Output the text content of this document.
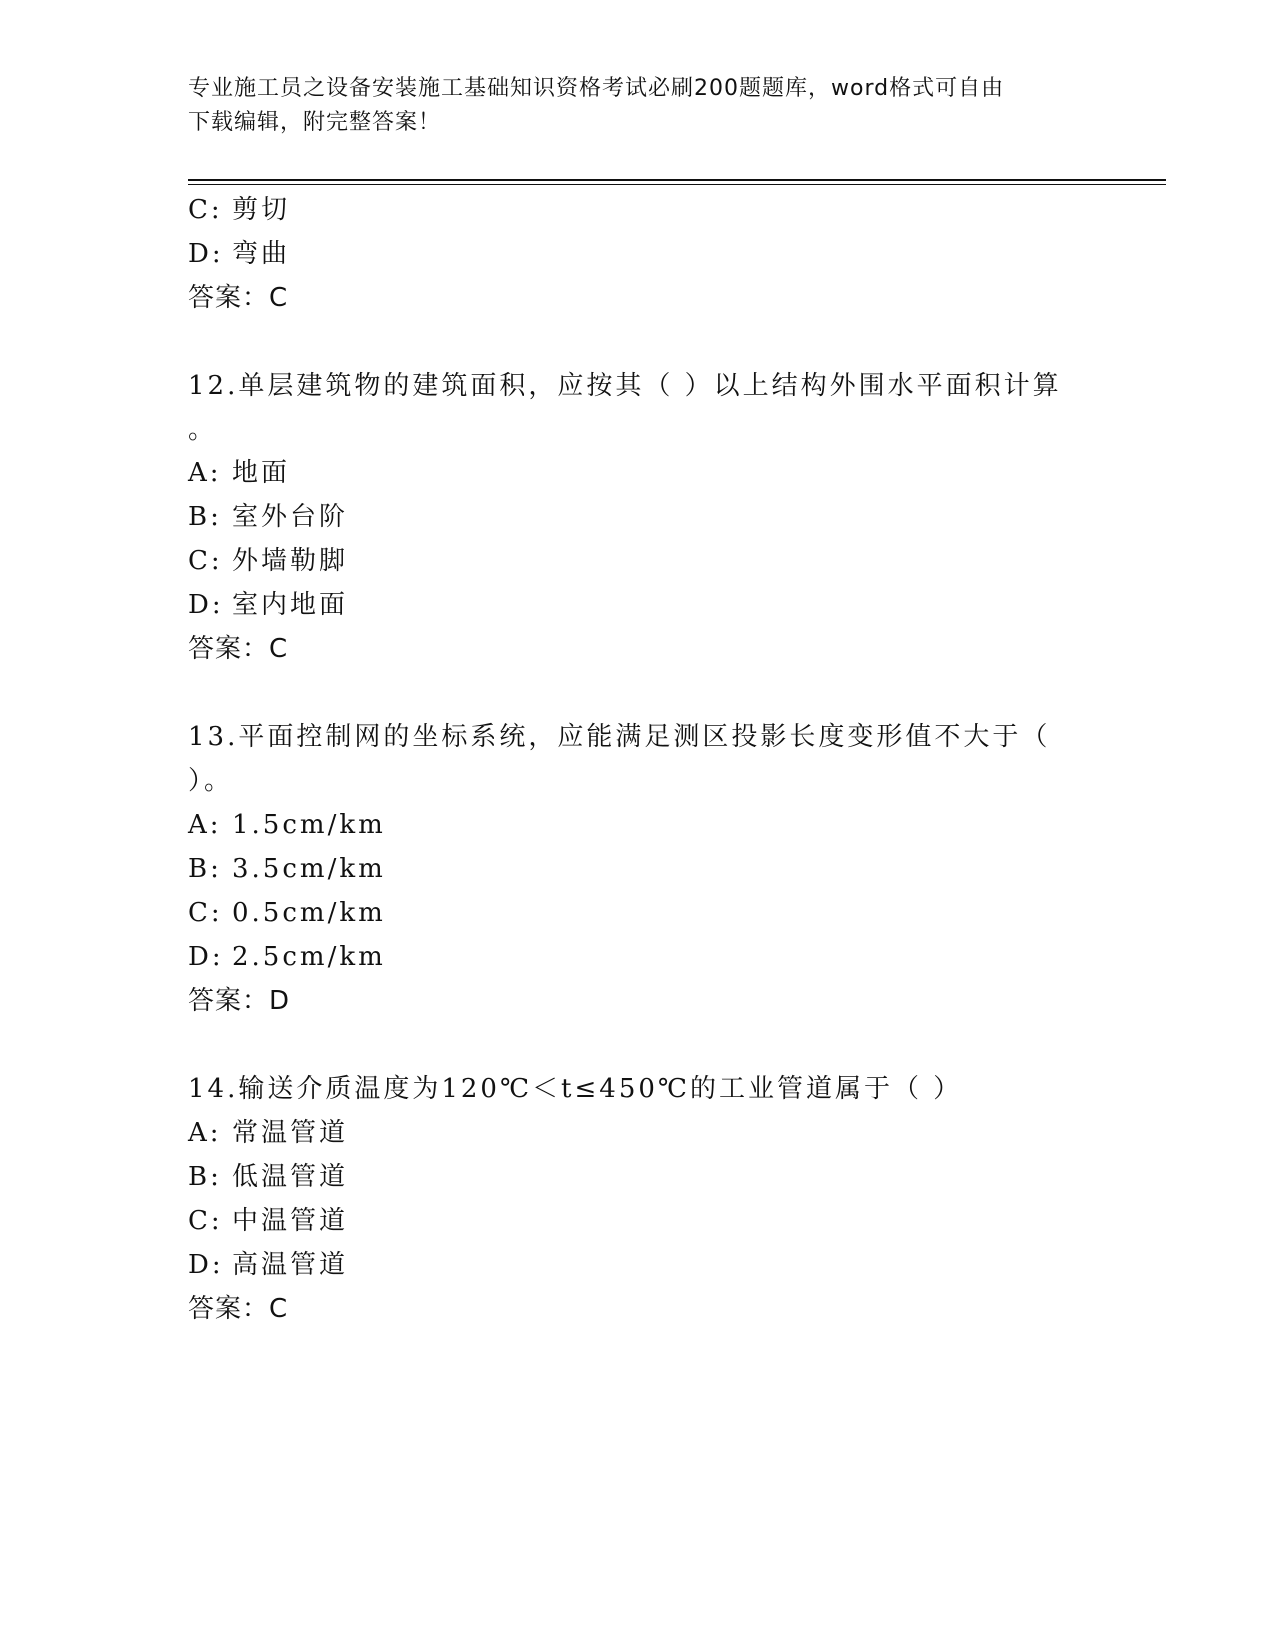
专业施工员之设备安装施工基础知识资格考试必刷200题题库，word格式可自由
下载编辑，附完整答案！
C: 剪切
D: 弯曲
答案：C
12.单层建筑物的建筑面积，应按其（ ）以上结构外围水平面积计算
。
A: 地面
B: 室外台阶
C: 外墙勒脚
D: 室内地面
答案：C
13.平面控制网的坐标系统，应能满足测区投影长度变形值不大于（
）。
A: 1.5cm/km
B: 3.5cm/km
C: 0.5cm/km
D: 2.5cm/km
答案：D
14.输送介质温度为120℃＜t≤450℃的工业管道属于（ ）
A: 常温管道
B: 低温管道
C: 中温管道
D: 高温管道
答案：C
